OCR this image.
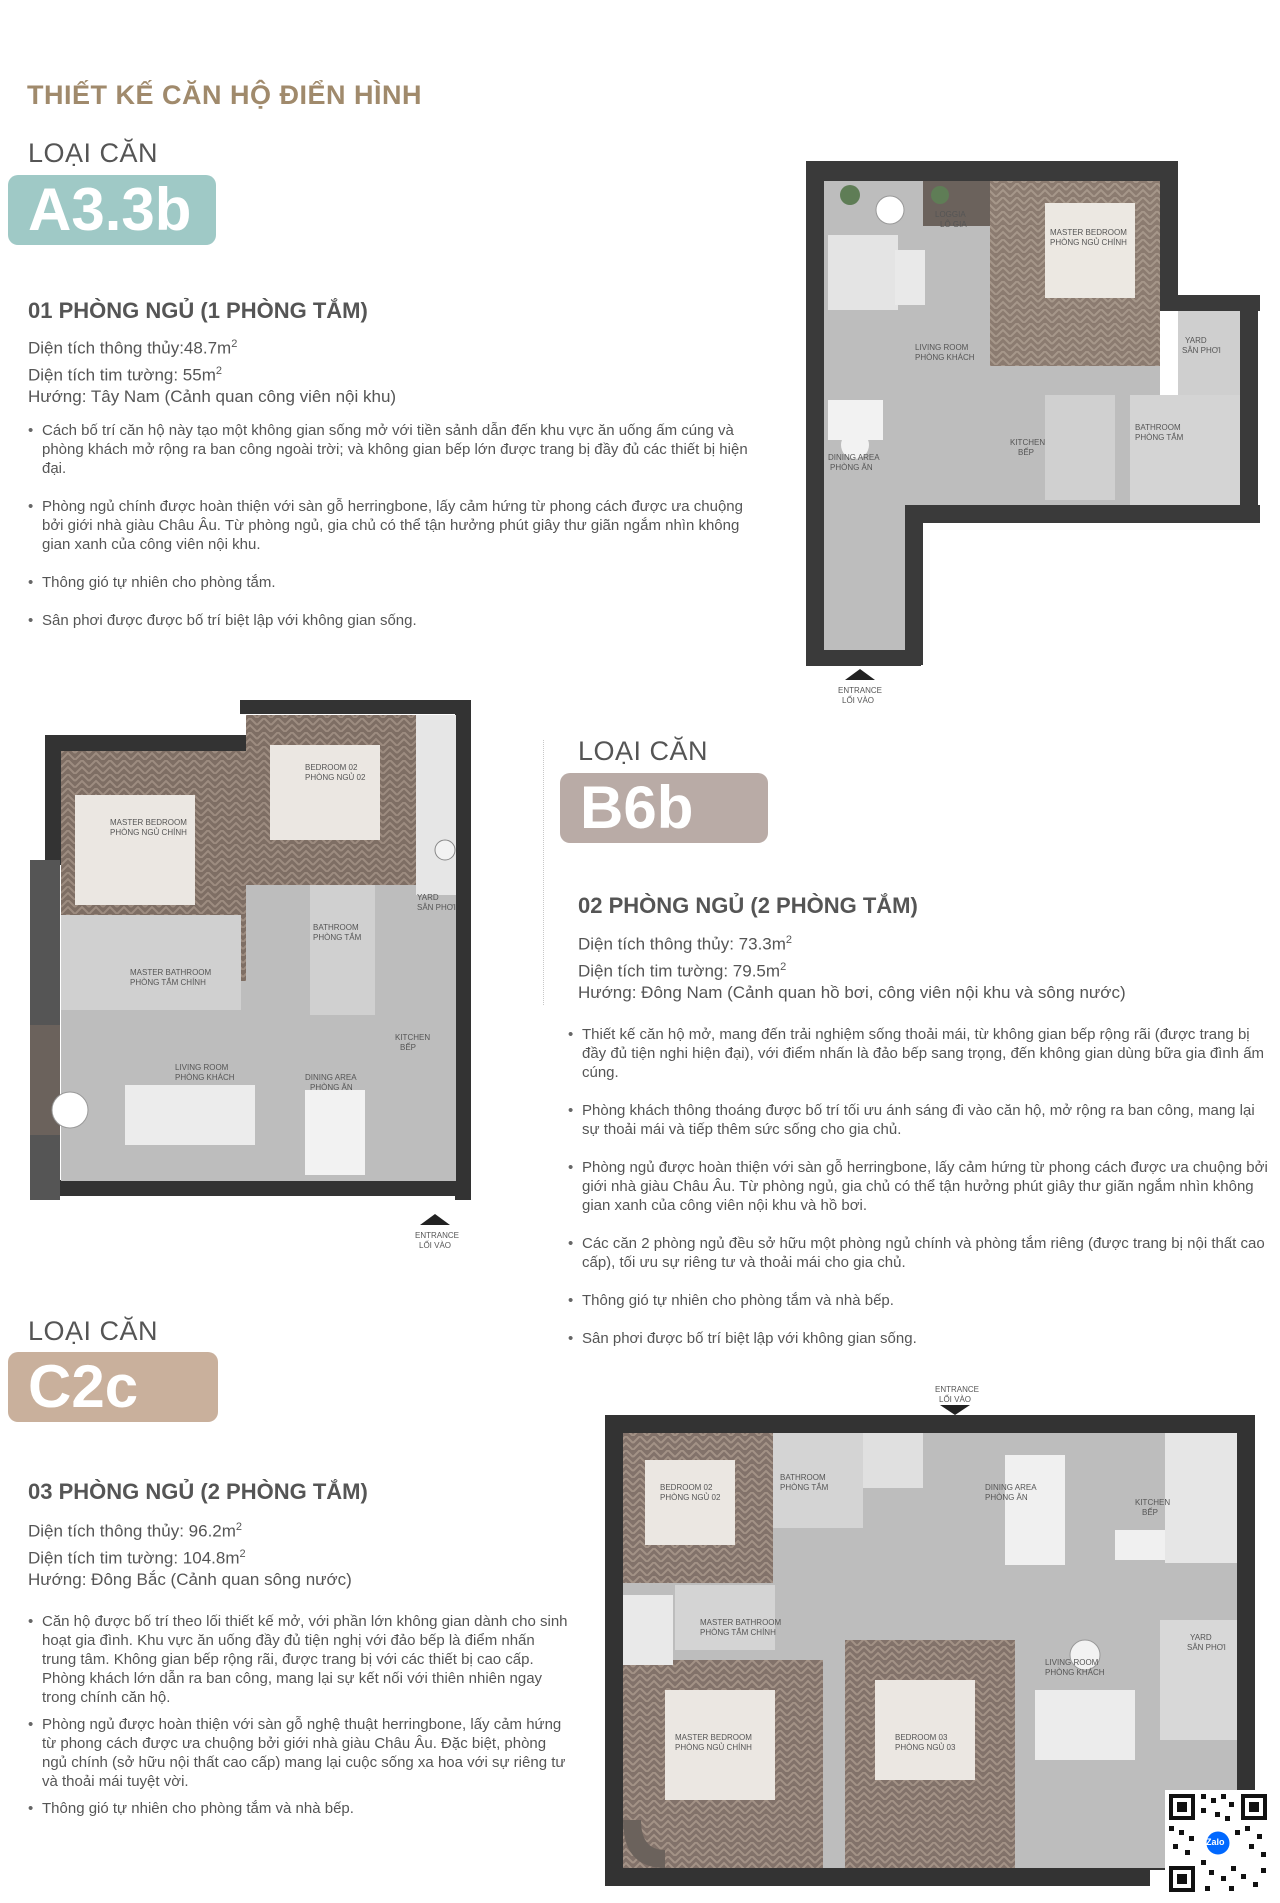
THIẾT KẾ CĂN HỘ ĐIỂN HÌNH
LOẠI CĂN
A3.3b
01 PHÒNG NGỦ (1 PHÒNG TẮM)
Diện tích thông $thủy:48.7m^2$
Diện tích tim tường: $55m^2$
Hướng: Tây Nam (Cảnh quan công viên nội khu)
• Cách bố trí căn hộ này tạo một không gian sống mở với tiền sảnh dẫn đến khu vực ăn uống ấm cúng và phòng khách mở rộng ra ban công ngoài trời; và không gian bếp lớn được trang bị đầy đủ các thiết bị hiện đại.
• Phòng ngủ chính được hoàn thiện với sàn gỗ herringbone, lấy cảm hứng từ phong cách được ưa chuộng bởi giới nhà giàu Châu Âu. Từ phòng ngủ, gia chủ có thể tận hưởng phút giây thư giãn ngắm nhìn không gian xanh của công viên nội khu.
• Thông gió tự nhiên cho phòng tắm.
• Sân phơi được được bố trí biệt lập với không gian sống.
LOGGIA
LÔ GIA
MASTER BEDROOM
PHÒNG NGỦ CHÍNH
YARD
SÂN PHƠI
LIVING ROOM
PHÒNG KHÁCH
KITCHEN
BẾP
BATHROOM
PHÒNG TẮM
DINING AREA
PHÒNG ĂN
ENTRANCE
LỐI VÀO
MASTER BEDROOM
PHÒNG NGỦ CHÍNH
BEDROOM 02
PHÒNG NGỦ 02
YARD
SÂN PHƠI
BATHROOM
PHÒNG TẮM
MASTER BATHROOM
PHÒNG TẮM CHÍNH
KITCHEN
BẾP
LIVING ROOM
PHÒNG KHÁCH	DINING AREA
PHÒNG ĂN
ENTRANCE
LỐI VÀO
LOẠI CĂN
B6b
02 PHÒNG NGỦ (2 PHÒNG TẮM)
Diện tích thông thủy: $73.3m^2$
Diện tích tim tường: $79.5m^2$
Hướng: Đông Nam (Cảnh quan hồ bơi, công viên nội khu và sông nước)
• Thiết kế căn hộ mở, mang đến trải nghiệm sống thoải mái, từ không gian bếp rộng rãi (được trang bị đầy đủ tiện nghi hiện đại), với điểm nhấn là đảo bếp sang trọng, đến không gian dùng bữa gia đình ấm cúng.
• Phòng khách thông thoáng được bố trí tối ưu ánh sáng đi vào căn hộ, mở rộng ra ban công, mang lại sự thoải mái và tiếp thêm sức sống cho gia chủ.
• Phòng ngủ được hoàn thiện với sàn gỗ herringbone, lấy cảm hứng từ phong cách được ưa chuộng bởi giới nhà giàu Châu Âu. Từ phòng ngủ, gia chủ có thể tận hưởng phút giây thư giãn ngắm nhìn không gian xanh của công viên nội khu và hồ bơi.
• Các căn 2 phòng ngủ đều sở hữu một phòng ngủ chính và phòng tắm riêng (được trang bị nội thất cao cấp), tối ưu sự riêng tư và thoải mái cho gia chủ.
• Thông gió tự nhiên cho phòng tắm và nhà bếp.
• Sân phơi được bố trí biệt lập với không gian sống.
LOẠI CĂN
C2c
03 PHÒNG NGỦ (2 PHÒNG TẮM)
Diện tích thông thủy: $96.2m^2$
Diện tích tim tường: $104.8m^2$
Hướng: Đông Bắc (Cảnh quan sông nước)
• Căn hộ được bố trí theo lối thiết kế mở, với phần lớn không gian dành cho sinh hoạt gia đình. Khu vực ăn uống đầy đủ tiện nghị với đảo bếp là điểm nhấn trung tâm. Không gian bếp rộng rãi, được trang bị với các thiết bị cao cấp. Phòng khách lớn dẫn ra ban công, mang lại sự kết nối với thiên nhiên ngay trong chính căn hộ.
• Phòng ngủ được hoàn thiện với sàn gỗ nghệ thuật herringbone, lấy cảm hứng từ phong cách được ưa chuộng bởi giới nhà giàu Châu Âu. Đặc biệt, phòng ngủ chính (sở hữu nội thất cao cấp) mang lại cuộc sống xa hoa với sự riêng tư và thoải mái tuyệt vời.
• Thông gió tự nhiên cho phòng tắm và nhà bếp.
BEDROOM 02
PHÒNG NGỦ 02
BATHROOM
PHÒNG TẮM	DINING AREA
PHÒNG ĂN
KITCHEN
BẾP
MASTER BATHROOM
PHÒNG TẮM CHÍNH
LIVING ROOM
PHÒNG KHÁCH
YARD
SÂN PHƠI
MASTER BEDROOM
PHÒNG NGỦ CHÍNH
BEDROOM 03
PHÒNG NGỦ 03
ENTRANCE
LỐI VÀO
Zalo
